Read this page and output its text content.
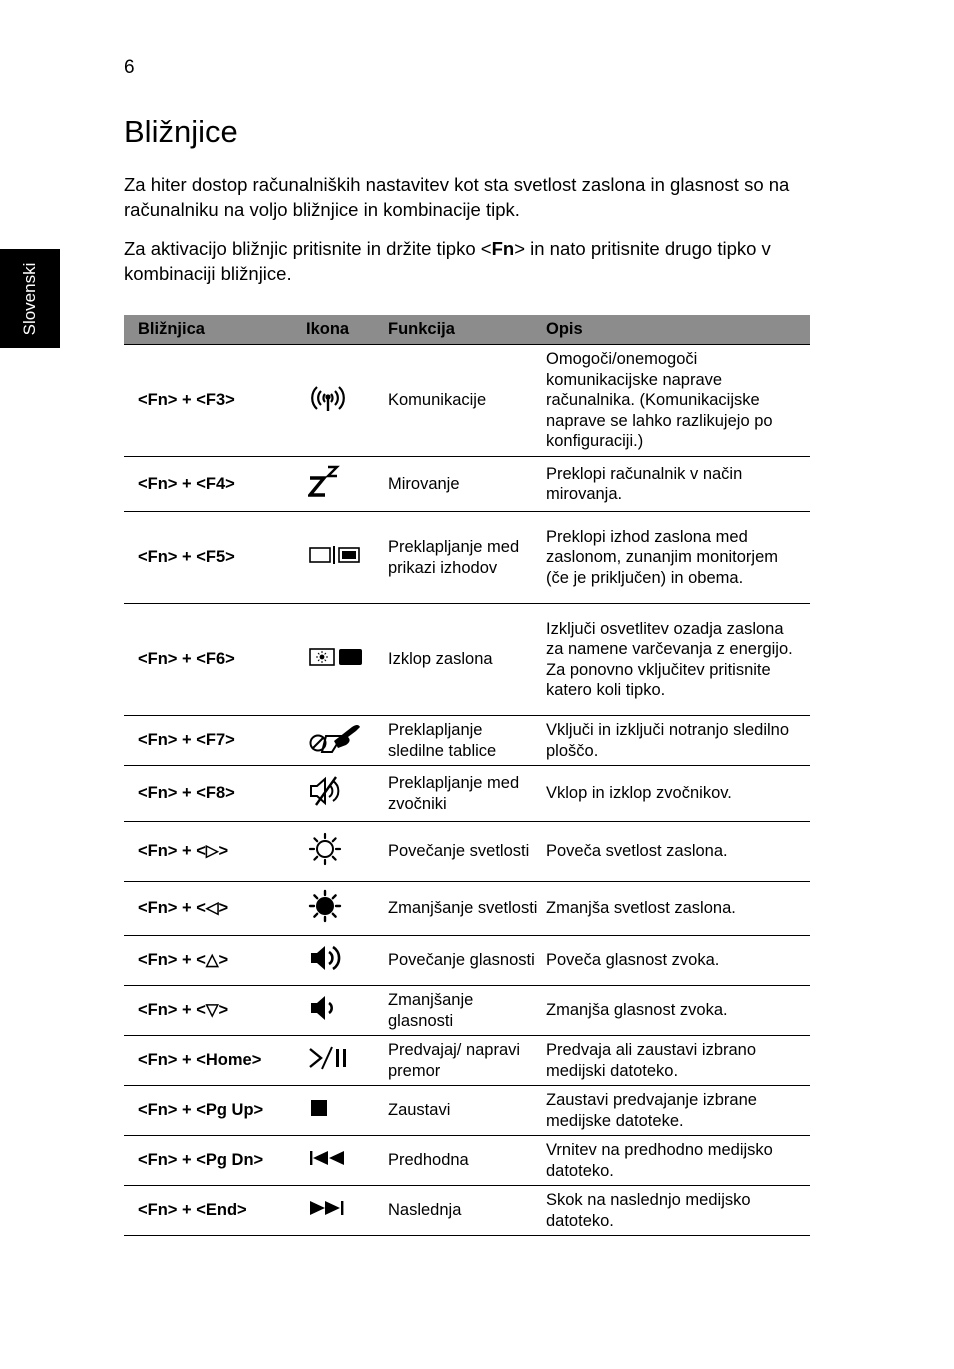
6
Slovenski
Bližnjice

Za hiter dostop računalniških nastavitev kot sta svetlost zaslona in glasnost so na računalniku na voljo bližnjice in kombinacije tipk.

Za aktivacijo bližnjic pritisnite in držite tipko <Fn> in nato pritisnite drugo tipko v kombinaciji bližnjice.

Bližnjica	Ikona	Funkcija	Opis

<Fn> + <F3>		Komunikacije	Omogoči/onemogoči komunikacijske naprave računalnika. (Komunikacijske naprave se lahko razlikujejo po konfiguraciji.)
<Fn> + <F4>		Mirovanje	Preklopi računalnik v način mirovanja.
<Fn> + <F5>		Preklapljanje med prikazi izhodov	Preklopi izhod zaslona med zaslonom, zunanjim monitorjem (če je priključen) in obema.
<Fn> + <F6>		Izklop zaslona	Izključi osvetlitev ozadja zaslona za namene varčevanja z energijo. Za ponovno vključitev pritisnite katero koli tipko.
<Fn> + <F7>		Preklapljanje sledilne tablice	Vključi in izključi notranjo sledilno ploščo.
<Fn> + <F8>		Preklapljanje med zvočniki	Vklop in izklop zvočnikov.
<Fn> + <▷>		Povečanje svetlosti	Poveča svetlost zaslona.
<Fn> + <◁>		Zmanjšanje svetlosti	Zmanjša svetlost zaslona.
<Fn> + <△>		Povečanje glasnosti	Poveča glasnost zvoka.
<Fn> + <▽>		Zmanjšanje glasnosti	Zmanjša glasnost zvoka.
<Fn> + <Home>		Predvajaj/ napravi premor	Predvaja ali zaustavi izbrano medijski datoteko.
<Fn> + <Pg Up>		Zaustavi	Zaustavi predvajanje izbrane medijske datoteke.
<Fn> + <Pg Dn>		Predhodna	Vrnitev na predhodno medijsko datoteko.
<Fn> + <End>		Naslednja	Skok na naslednjo medijsko datoteko.
